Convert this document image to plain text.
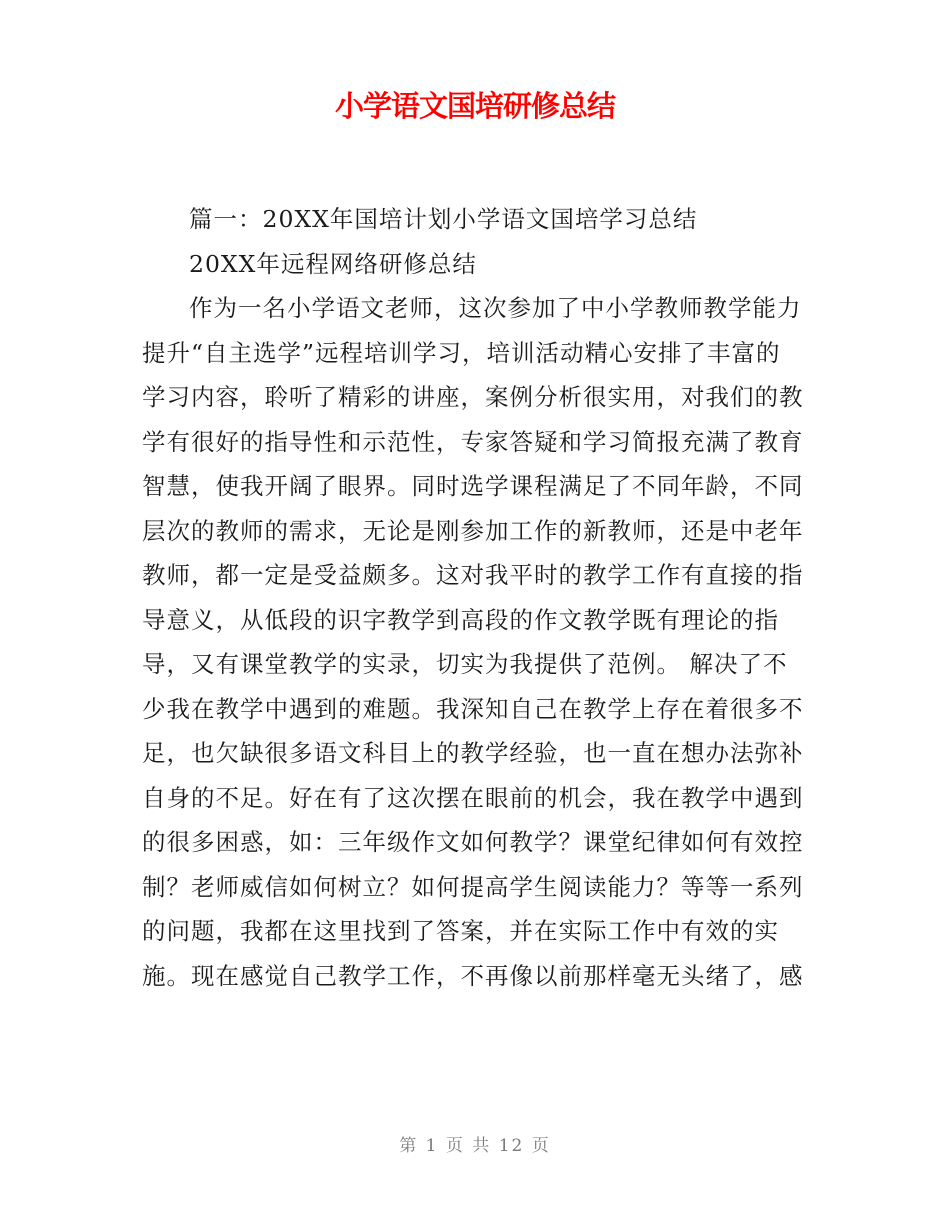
小学语文国培研修总结
篇一：20XX年国培计划小学语文国培学习总结
20XX年远程网络研修总结
作为一名小学语文老师，这次参加了中小学教师教学能力
提升“自主选学”远程培训学习，培训活动精心安排了丰富的
学习内容，聆听了精彩的讲座，案例分析很实用，对我们的教
学有很好的指导性和示范性，专家答疑和学习简报充满了教育
智慧，使我开阔了眼界。同时选学课程满足了不同年龄，不同
层次的教师的需求，无论是刚参加工作的新教师，还是中老年
教师，都一定是受益颇多。这对我平时的教学工作有直接的指
导意义，从低段的识字教学到高段的作文教学既有理论的指
导，又有课堂教学的实录，切实为我提供了范例。 解决了不
少我在教学中遇到的难题。我深知自己在教学上存在着很多不
足，也欠缺很多语文科目上的教学经验，也一直在想办法弥补
自身的不足。好在有了这次摆在眼前的机会，我在教学中遇到
的很多困惑，如：三年级作文如何教学？课堂纪律如何有效控
制？老师威信如何树立？如何提高学生阅读能力？等等一系列
的问题，我都在这里找到了答案，并在实际工作中有效的实
施。现在感觉自己教学工作，不再像以前那样毫无头绪了，感
第 1 页 共 12 页
